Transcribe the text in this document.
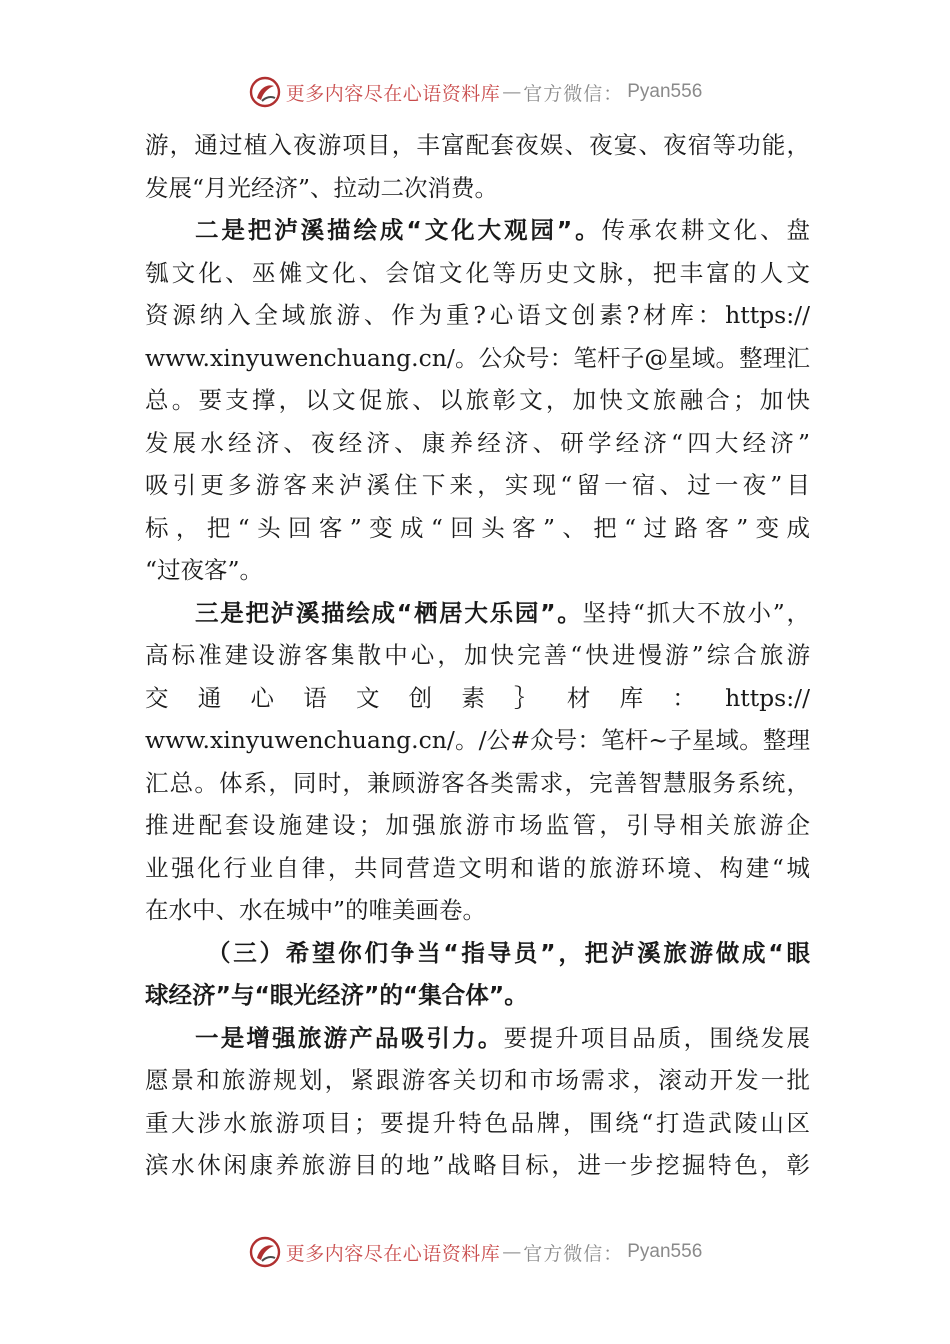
更多内容尽在心语资料库 — 官方微信： Pyan556
游，通过植入夜游项目，丰富配套夜娱、夜宴、夜宿等功能，
发展“月光经济”、拉动二次消费。
二是把泸溪描绘成“文化大观园”。传承农耕文化、盘
瓠文化、巫傩文化、会馆文化等历史文脉，把丰富的人文
资源纳入全域旅游、作为重?心语文创素?材库：https://
www.xinyuwenchuang.cn/。公众号：笔杆子@星域。整理汇
总。要支撑，以文促旅、以旅彰文，加快文旅融合；加快
发展水经济、夜经济、康养经济、研学经济“四大经济”
吸引更多游客来泸溪住下来，实现“留一宿、过一夜”目
标，把“头回客”变成“回头客”、把“过路客”变成
“过夜客”。
三是把泸溪描绘成“栖居大乐园”。坚持“抓大不放小”，
高标准建设游客集散中心，加快完善“快进慢游”综合旅游
交通心语文创素｝材库：https://
www.xinyuwenchuang.cn/。/公#众号：笔杆~子星域。整理
汇总。体系，同时，兼顾游客各类需求，完善智慧服务系统，
推进配套设施建设；加强旅游市场监管，引导相关旅游企
业强化行业自律，共同营造文明和谐的旅游环境、构建“城
在水中、水在城中”的唯美画卷。
（三）希望你们争当“指导员”，把泸溪旅游做成“眼
球经济”与“眼光经济”的“集合体”。
一是增强旅游产品吸引力。要提升项目品质，围绕发展
愿景和旅游规划，紧跟游客关切和市场需求，滚动开发一批
重大涉水旅游项目；要提升特色品牌，围绕“打造武陵山区
滨水休闲康养旅游目的地”战略目标，进一步挖掘特色，彰
更多内容尽在心语资料库 — 官方微信： Pyan556
